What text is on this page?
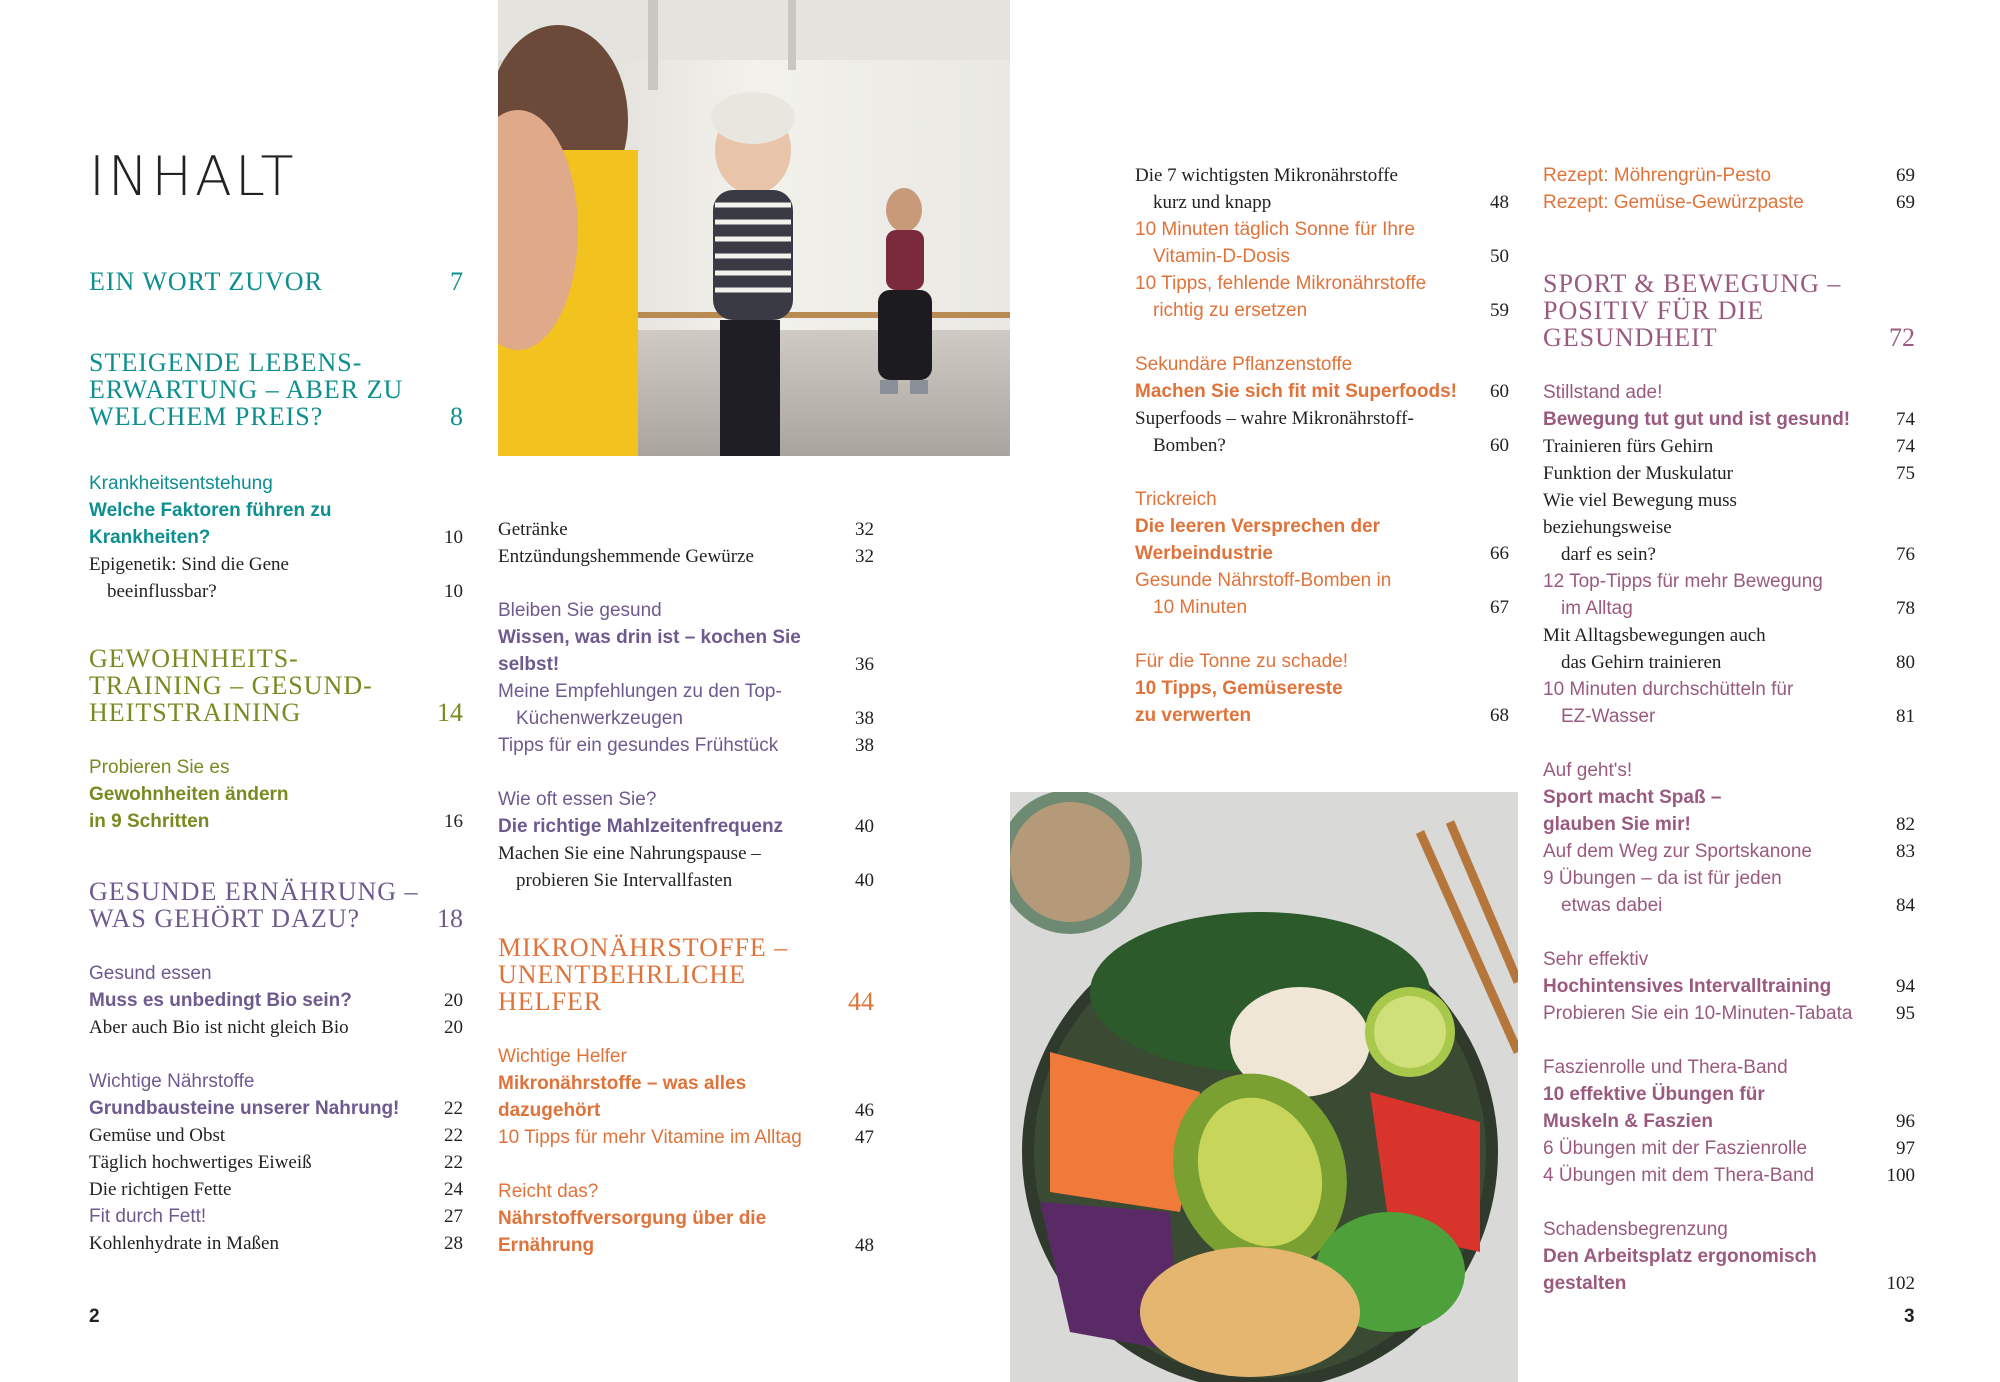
INHALT
EIN WORT ZUVOR	7
STEIGENDE LEBENS-
ERWARTUNG – ABER ZU
WELCHEM PREIS?	8
Krankheitsentstehung
Welche Faktoren führen zu
Krankheiten?	10
Epigenetik: Sind die Gene
beeinflussbar?	10
GEWOHNHEITS-
TRAINING – GESUND-
HEITSTRAINING	14
Probieren Sie es
Gewohnheiten ändern
in 9 Schritten	16
GESUNDE ERNÄHRUNG –
WAS GEHÖRT DAZU?	18
Gesund essen
Muss es unbedingt Bio sein?	20
Aber auch Bio ist nicht gleich Bio	20
Wichtige Nährstoffe
Grundbausteine unserer Nahrung!	22
Gemüse und Obst	22
Täglich hochwertiges Eiweiß	22
Die richtigen Fette	24
Fit durch Fett!	27
Kohlenhydrate in Maßen	28
Getränke	32
Entzündungshemmende Gewürze	32
Bleiben Sie gesund
Wissen, was drin ist – kochen Sie
selbst!	36
Meine Empfehlungen zu den Top-
Küchenwerkzeugen	38
Tipps für ein gesundes Frühstück	38
Wie oft essen Sie?
Die richtige Mahlzeitenfrequenz	40
Machen Sie eine Nahrungspause –
probieren Sie Intervallfasten	40
MIKRONÄHRSTOFFE –
UNENTBEHRLICHE
HELFER	44
Wichtige Helfer
Mikronährstoffe – was alles
dazugehört	46
10 Tipps für mehr Vitamine im Alltag	47
Reicht das?
Nährstoffversorgung über die
Ernährung	48
Die 7 wichtigsten Mikronährstoffe
kurz und knapp	48
10 Minuten täglich Sonne für Ihre
Vitamin-D-Dosis	50
10 Tipps, fehlende Mikronährstoffe
richtig zu ersetzen	59
Sekundäre Pflanzenstoffe
Machen Sie sich fit mit Superfoods! 60
Superfoods – wahre Mikronährstoff-
Bomben?	60
Trickreich
Die leeren Versprechen der
Werbeindustrie	66
Gesunde Nährstoff-Bomben in
10 Minuten	67
Für die Tonne zu schade!
10 Tipps, Gemüsereste
zu verwerten	68
Rezept: Möhrengrün-Pesto	69
Rezept: Gemüse-Gewürzpaste	69
SPORT & BEWEGUNG –
POSITIV FÜR DIE
GESUNDHEIT	72
Stillstand ade!
Bewegung tut gut und ist gesund!	74
Trainieren fürs Gehirn	74
Funktion der Muskulatur	75
Wie viel Bewegung muss beziehungsweise
darf es sein?	76
12 Top-Tipps für mehr Bewegung
im Alltag	78
Mit Alltagsbewegungen auch
das Gehirn trainieren	80
10 Minuten durchschütteln für
EZ-Wasser	81
Auf geht's!
Sport macht Spaß –
glauben Sie mir!	82
Auf dem Weg zur Sportskanone	83
9 Übungen – da ist für jeden
etwas dabei	84
Sehr effektiv
Hochintensives Intervalltraining	94
Probieren Sie ein 10-Minuten-Tabata	95
Faszienrolle und Thera-Band
10 effektive Übungen für
Muskeln & Faszien	96
6 Übungen mit der Faszienrolle	97
4 Übungen mit dem Thera-Band	100
Schadensbegrenzung
Den Arbeitsplatz ergonomisch
gestalten	102
2	3
